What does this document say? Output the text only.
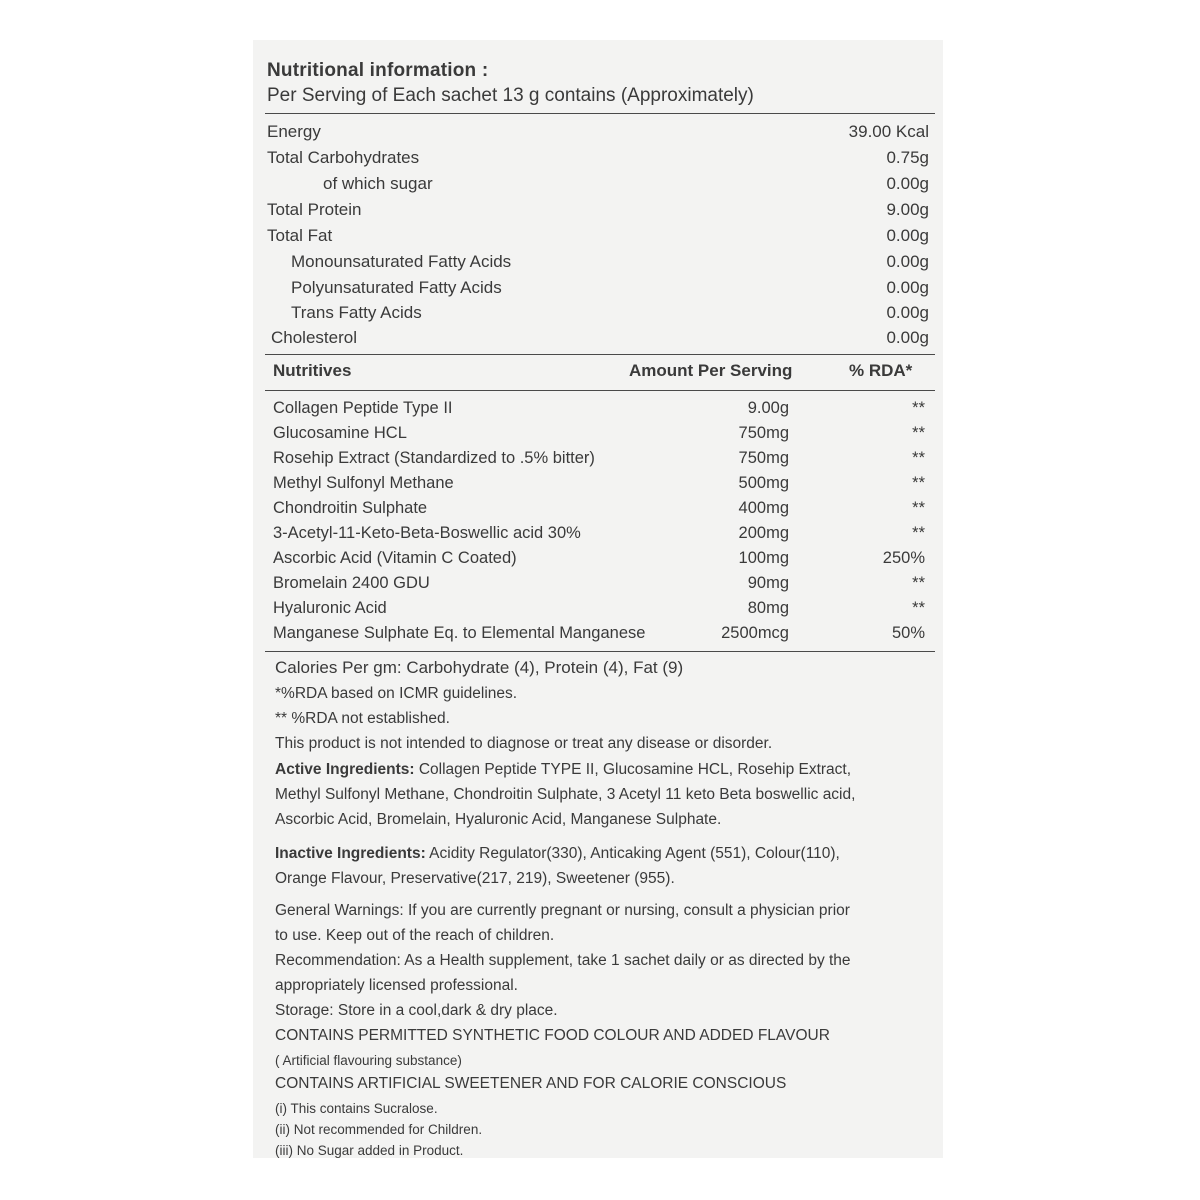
Nutritional information :
Per Serving of Each sachet 13 g contains (Approximately)
Energy	39.00 Kcal
Total Carbohydrates	0.75g
of which sugar	0.00g
Total Protein	9.00g
Total Fat	0.00g
Monounsaturated Fatty Acids	0.00g
Polyunsaturated Fatty Acids	0.00g
Trans Fatty Acids	0.00g
Cholesterol	0.00g
Nutritives	Amount Per Serving	% RDA*
Collagen Peptide Type II	9.00g	**
Glucosamine HCL	750mg	**
Rosehip Extract (Standardized to .5% bitter)	750mg	**
Methyl Sulfonyl Methane	500mg	**
Chondroitin Sulphate	400mg	**
3-Acetyl-11-Keto-Beta-Boswellic acid 30%	200mg	**
Ascorbic Acid (Vitamin C Coated)	100mg	250%
Bromelain 2400 GDU	90mg	**
Hyaluronic Acid	80mg	**
Manganese Sulphate Eq. to Elemental Manganese	2500mcg	50%
Calories Per gm: Carbohydrate (4), Protein (4), Fat (9)
*%RDA based on ICMR guidelines.
** %RDA not established.
This product is not intended to diagnose or treat any disease or disorder.
Active Ingredients: Collagen Peptide TYPE II, Glucosamine HCL, Rosehip Extract,
Methyl Sulfonyl Methane, Chondroitin Sulphate, 3 Acetyl 11 keto Beta boswellic acid,
Ascorbic Acid, Bromelain, Hyaluronic Acid, Manganese Sulphate.
Inactive Ingredients: Acidity Regulator(330), Anticaking Agent (551), Colour(110),
Orange Flavour, Preservative(217, 219), Sweetener (955).
General Warnings: If you are currently pregnant or nursing, consult a physician prior
to use. Keep out of the reach of children.
Recommendation: As a Health supplement, take 1 sachet daily or as directed by the
appropriately licensed professional.
Storage: Store in a cool,dark & dry place.
CONTAINS PERMITTED SYNTHETIC FOOD COLOUR AND ADDED FLAVOUR
( Artificial flavouring substance)
CONTAINS ARTIFICIAL SWEETENER AND FOR CALORIE CONSCIOUS
(i) This contains Sucralose.
(ii) Not recommended for Children.
(iii) No Sugar added in Product.
